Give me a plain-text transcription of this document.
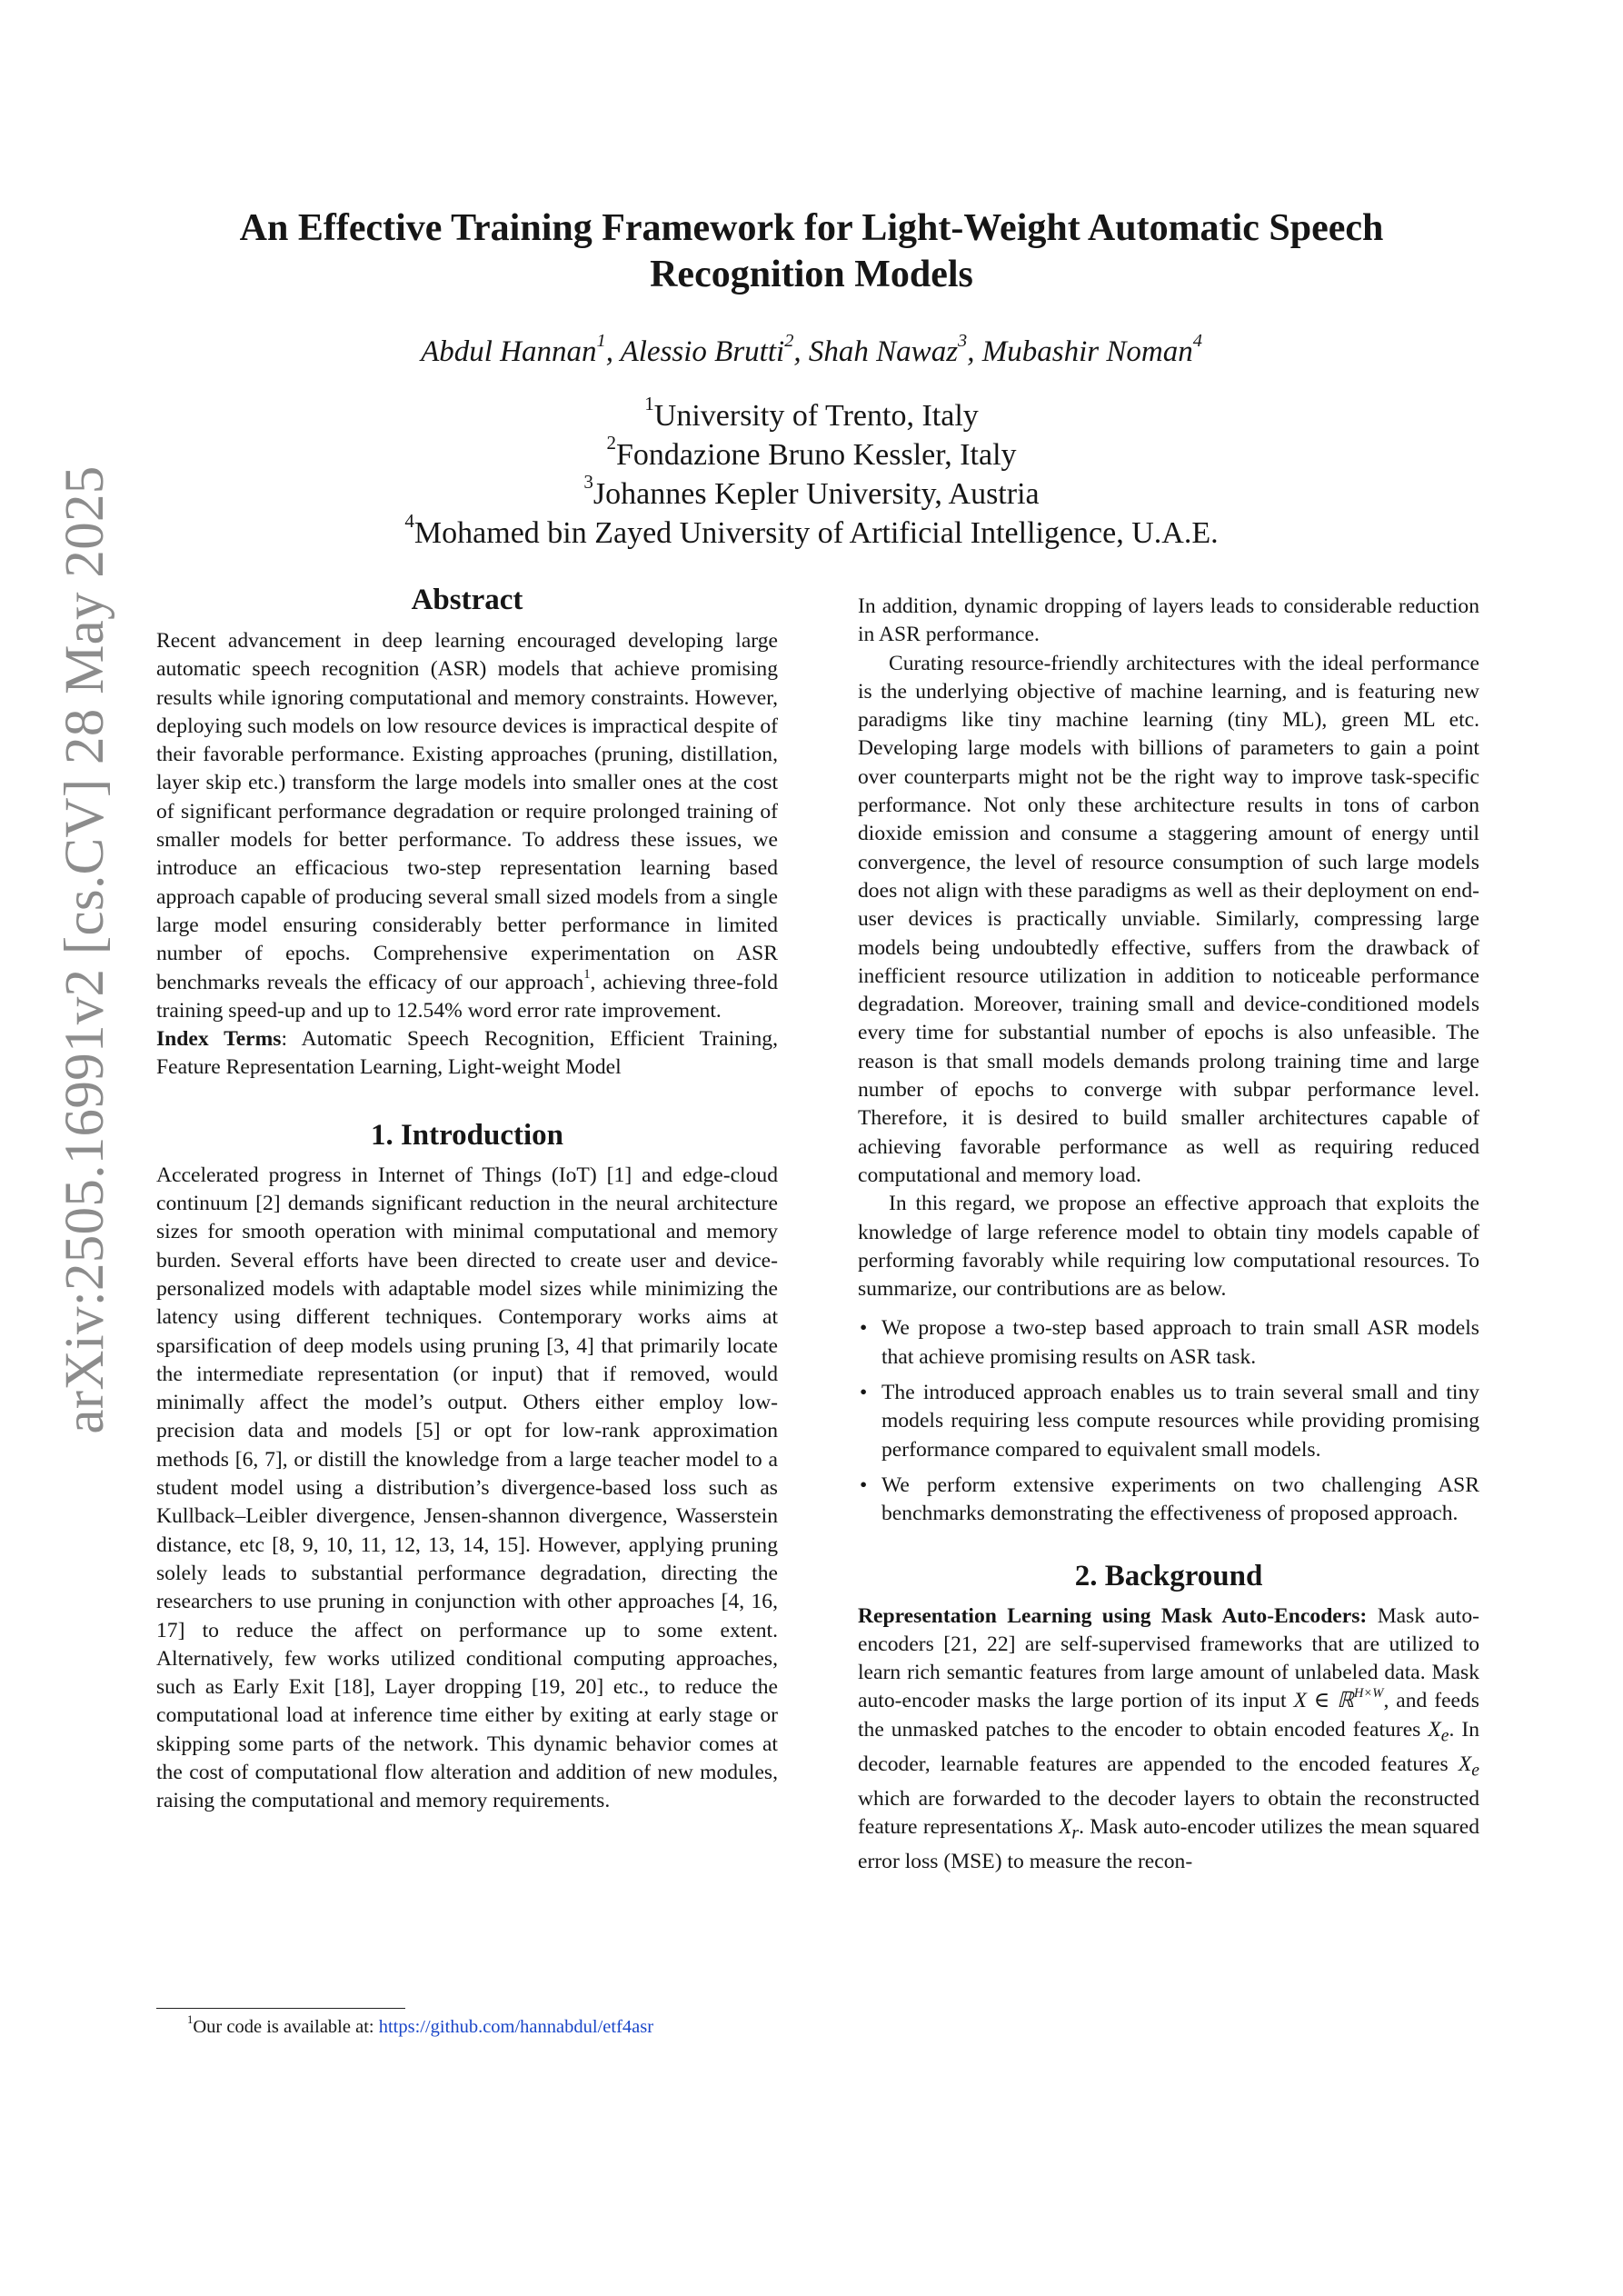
arXiv:2505.16991v2 [cs.CV] 28 May 2025
An Effective Training Framework for Light-Weight Automatic Speech
Recognition Models
Abdul Hannan$^1$, Alessio Brutti$^2$, Shah Nawaz$^3$, Mubashir Noman$^4$
$^1$University of Trento, Italy
$^2$Fondazione Bruno Kessler, Italy
$^3$Johannes Kepler University, Austria
$^4$Mohamed bin Zayed University of Artificial Intelligence, U.A.E.
Abstract

Recent advancement in deep learning encouraged developing large automatic speech recognition (ASR) models that achieve promising results while ignoring computational and memory constraints. However, deploying such models on low resource devices is impractical despite of their favorable performance. Existing approaches (pruning, distillation, layer skip etc.) transform the large models into smaller ones at the cost of significant performance degradation or require prolonged training of smaller models for better performance. To address these issues, we introduce an efficacious two-step representation learning based approach capable of producing several small sized models from a single large model ensuring considerably better performance in limited number of epochs. Comprehensive experimentation on ASR benchmarks reveals the efficacy of our approach$^1$, achieving three-fold training speed-up and up to 12.54% word error rate improvement.

Index Terms: Automatic Speech Recognition, Efficient Training, Feature Representation Learning, Light-weight Model

1. Introduction

Accelerated progress in Internet of Things (IoT) [1] and edge-cloud continuum [2] demands significant reduction in the neural architecture sizes for smooth operation with minimal computational and memory burden. Several efforts have been directed to create user and device-personalized models with adaptable model sizes while minimizing the latency using different techniques. Contemporary works aims at sparsification of deep models using pruning [3, 4] that primarily locate the intermediate representation (or input) that if removed, would minimally affect the model’s output. Others either employ low-precision data and models [5] or opt for low-rank approximation methods [6, 7], or distill the knowledge from a large teacher model to a student model using a distribution’s divergence-based loss such as Kullback–Leibler divergence, Jensen-shannon divergence, Wasserstein distance, etc [8, 9, 10, 11, 12, 13, 14, 15]. However, applying pruning solely leads to substantial performance degradation, directing the researchers to use pruning in conjunction with other approaches [4, 16, 17] to reduce the affect on performance up to some extent. Alternatively, few works utilized conditional computing approaches, such as Early Exit [18], Layer dropping [19, 20] etc., to reduce the computational load at inference time either by exiting at early stage or skipping some parts of the network. This dynamic behavior comes at the cost of computational flow alteration and addition of new modules, raising the computational and memory requirements.

$^1$Our code is available at: https://github.com/hannabdul/etf4asr

In addition, dynamic dropping of layers leads to considerable reduction in ASR performance.

Curating resource-friendly architectures with the ideal performance is the underlying objective of machine learning, and is featuring new paradigms like tiny machine learning (tiny ML), green ML etc. Developing large models with billions of parameters to gain a point over counterparts might not be the right way to improve task-specific performance. Not only these architecture results in tons of carbon dioxide emission and consume a staggering amount of energy until convergence, the level of resource consumption of such large models does not align with these paradigms as well as their deployment on end-user devices is practically unviable. Similarly, compressing large models being undoubtedly effective, suffers from the drawback of inefficient resource utilization in addition to noticeable performance degradation. Moreover, training small and device-conditioned models every time for substantial number of epochs is also unfeasible. The reason is that small models demands prolong training time and large number of epochs to converge with subpar performance level. Therefore, it is desired to build smaller architectures capable of achieving favorable performance as well as requiring reduced computational and memory load.

In this regard, we propose an effective approach that exploits the knowledge of large reference model to obtain tiny models capable of performing favorably while requiring low computational resources. To summarize, our contributions are as below.

• We propose a two-step based approach to train small ASR models that achieve promising results on ASR task.
• The introduced approach enables us to train several small and tiny models requiring less compute resources while providing promising performance compared to equivalent small models.
• We perform extensive experiments on two challenging ASR benchmarks demonstrating the effectiveness of proposed approach.
2. Background

Representation Learning using Mask Auto-Encoders: Mask auto-encoders [21, 22] are self-supervised frameworks that are utilized to learn rich semantic features from large amount of unlabeled data. Mask auto-encoder masks the large portion of its input X ∈ ℝ$^{H\times W}$, and feeds the unmasked patches to the encoder to obtain encoded features $X_e$. In decoder, learnable features are appended to the encoded features $X_e$ which are forwarded to the decoder layers to obtain the reconstructed feature representations $X_r$. Mask auto-encoder utilizes the mean squared error loss (MSE) to measure the recon-
